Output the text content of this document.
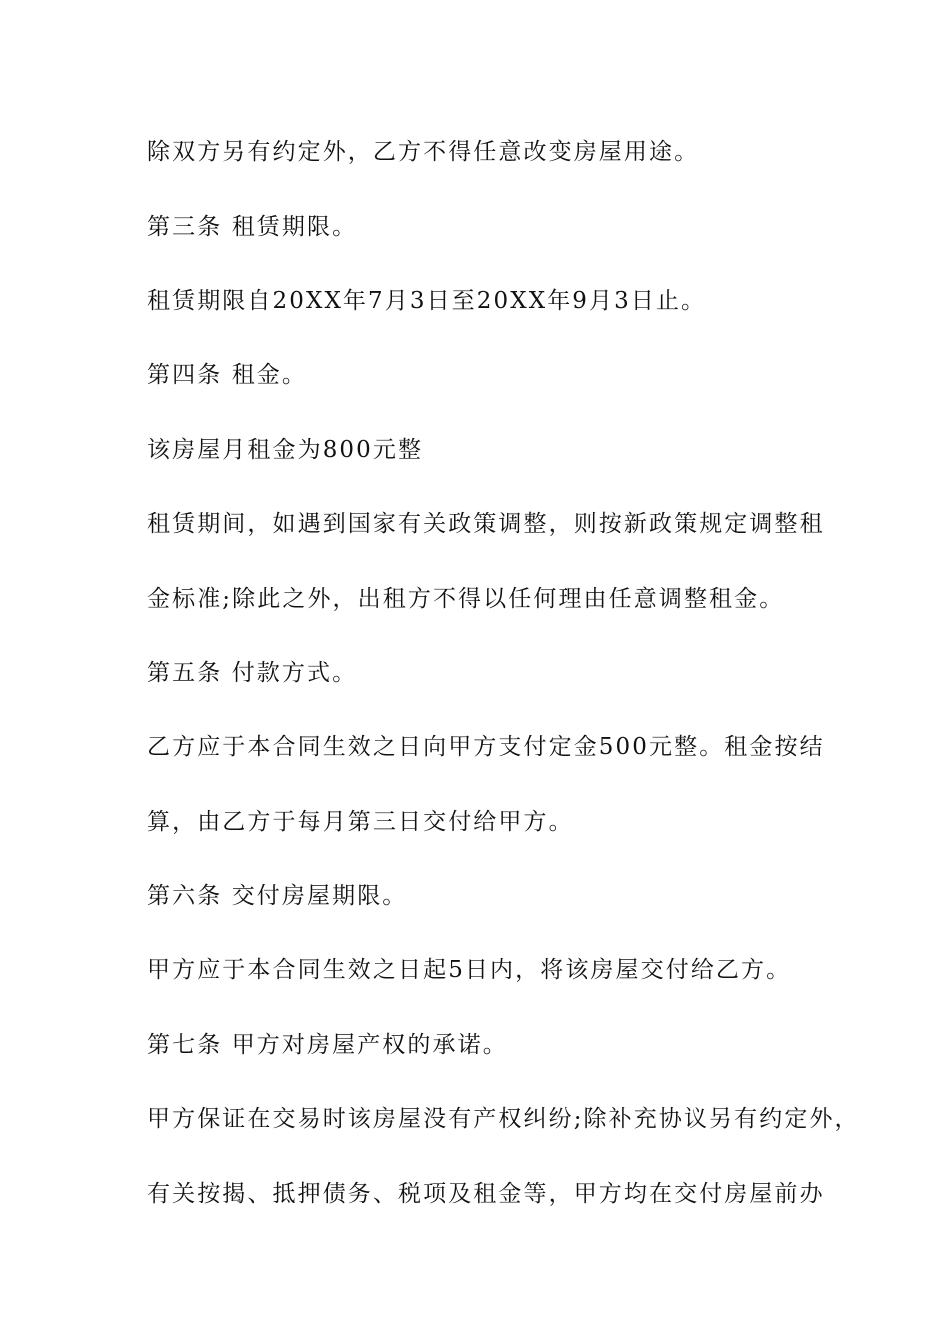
除双方另有约定外，乙方不得任意改变房屋用途。
第三条 租赁期限。
租赁期限自20XX年7月3日至20XX年9月3日止。
第四条 租金。
该房屋月租金为800元整
租赁期间，如遇到国家有关政策调整，则按新政策规定调整租
金标准;除此之外，出租方不得以任何理由任意调整租金。
第五条 付款方式。
乙方应于本合同生效之日向甲方支付定金500元整。租金按结
算，由乙方于每月第三日交付给甲方。
第六条 交付房屋期限。
甲方应于本合同生效之日起5日内，将该房屋交付给乙方。
第七条 甲方对房屋产权的承诺。
甲方保证在交易时该房屋没有产权纠纷;除补充协议另有约定外，
有关按揭、抵押债务、税项及租金等，甲方均在交付房屋前办
